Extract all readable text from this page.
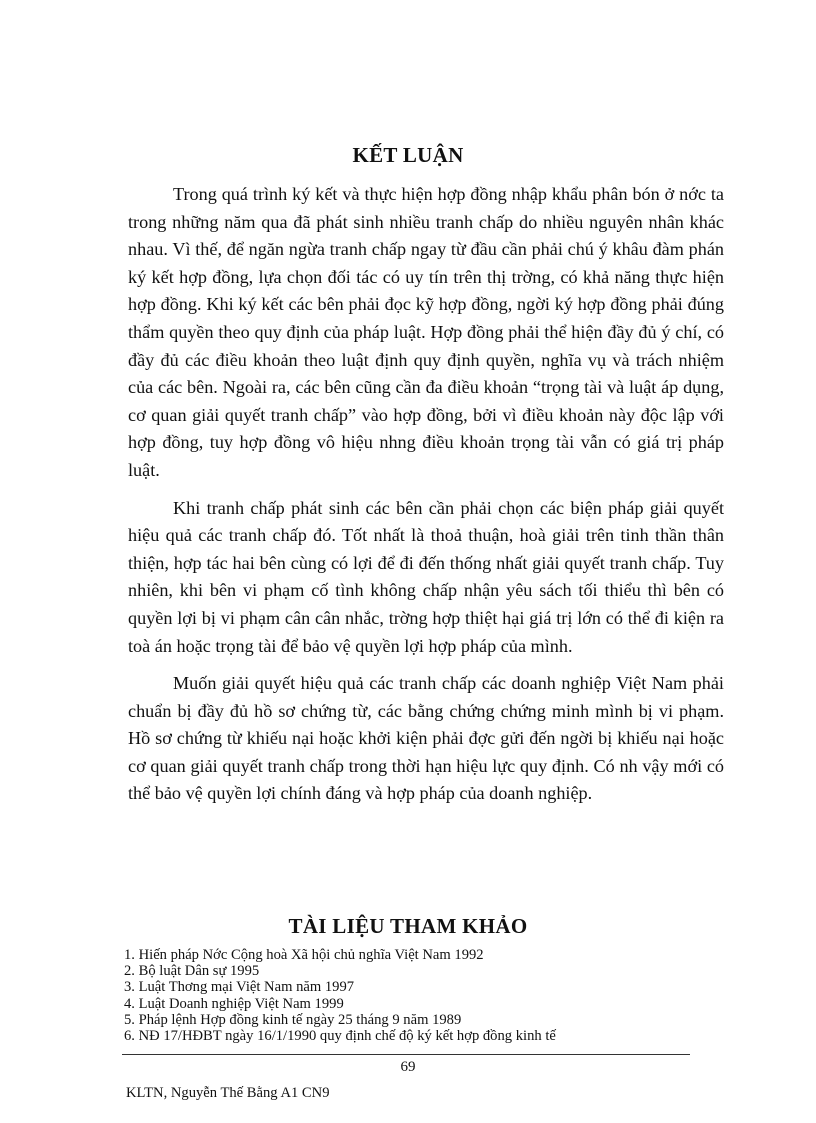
KẾT LUẬN

Trong quá trình ký kết và thực hiện hợp đồng nhập khẩu phân bón ở nớc ta trong những năm qua đã phát sinh nhiều tranh chấp do nhiều nguyên nhân khác nhau. Vì thế, để ngăn ngừa tranh chấp ngay từ đầu cần phải chú ý khâu đàm phán ký kết hợp đồng, lựa chọn đối tác có uy tín trên thị trờng, có khả năng thực hiện hợp đồng. Khi ký kết các bên phải đọc kỹ hợp đồng, ngời ký hợp đồng phải đúng thẩm quyền theo quy định của pháp luật. Hợp đồng phải thể hiện đầy đủ ý chí, có đầy đủ các điều khoản theo luật định quy định quyền, nghĩa vụ và trách nhiệm của các bên. Ngoài ra, các bên cũng cần đa điều khoản “trọng tài và luật áp dụng, cơ quan giải quyết tranh chấp” vào hợp đồng, bởi vì điều khoản này độc lập với hợp đồng, tuy hợp đồng vô hiệu nhng điều khoản trọng tài vẫn có giá trị pháp luật.

Khi tranh chấp phát sinh các bên cần phải chọn các biện pháp giải quyết hiệu quả các tranh chấp đó. Tốt nhất là thoả thuận, hoà giải trên tinh thần thân thiện, hợp tác hai bên cùng có lợi để đi đến thống nhất giải quyết tranh chấp. Tuy nhiên, khi bên vi phạm cố tình không chấp nhận yêu sách tối thiểu thì bên có quyền lợi bị vi phạm cân cân nhắc, trờng hợp thiệt hại giá trị lớn có thể đi kiện ra toà án hoặc trọng tài để bảo vệ quyền lợi hợp pháp của mình.

Muốn giải quyết hiệu quả các tranh chấp các doanh nghiệp Việt Nam phải chuẩn bị đầy đủ hồ sơ chứng từ, các bằng chứng chứng minh mình bị vi phạm. Hồ sơ chứng từ khiếu nại hoặc khởi kiện phải đợc gửi đến ngời bị khiếu nại hoặc cơ quan giải quyết tranh chấp trong thời hạn hiệu lực quy định. Có nh vậy mới có thể bảo vệ quyền lợi chính đáng và hợp pháp của doanh nghiệp.

TÀI LIỆU THAM KHẢO
1. Hiến pháp Nớc Cộng hoà Xã hội chủ nghĩa Việt Nam 1992
2. Bộ luật Dân sự 1995
3. Luật Thơng mại Việt Nam năm 1997
4. Luật Doanh nghiệp Việt Nam 1999
5. Pháp lệnh Hợp đồng kinh tế ngày 25 tháng 9 năm 1989
6. NĐ 17/HĐBT ngày 16/1/1990 quy định chế độ ký kết hợp đồng kinh tế
69
KLTN, Nguyễn Thế Bằng A1 CN9
